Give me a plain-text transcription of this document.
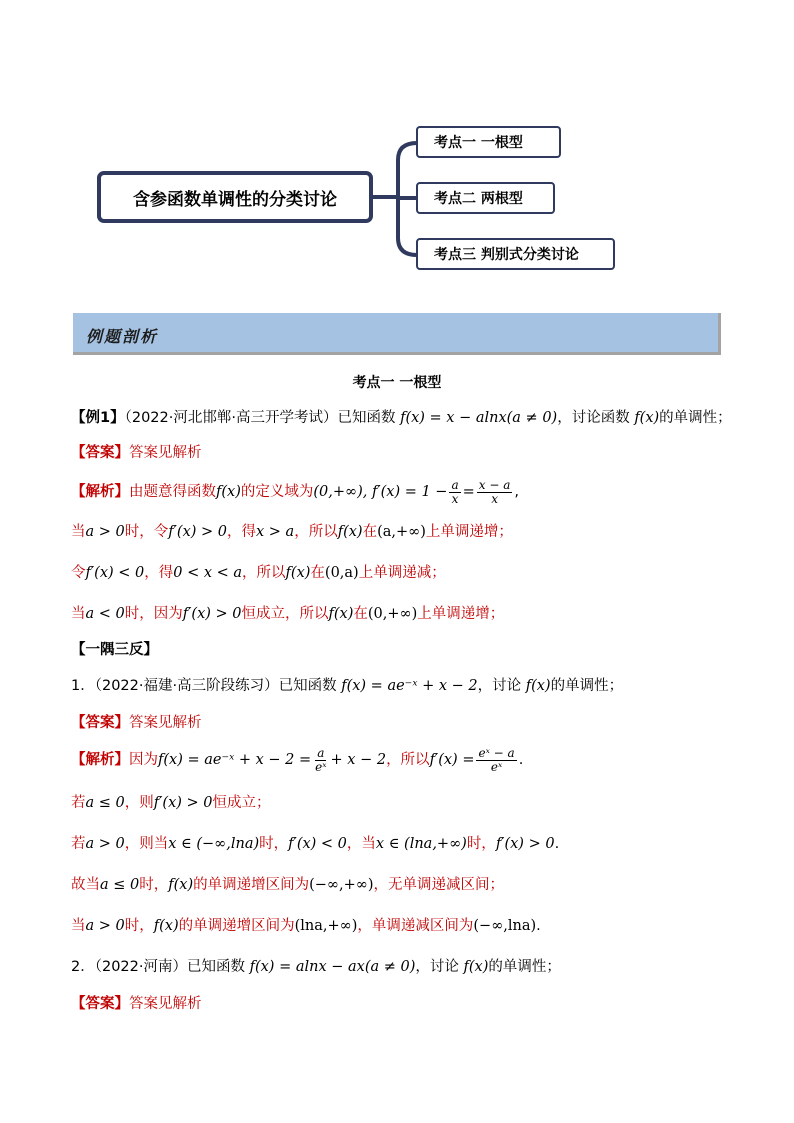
含参函数单调性的分类讨论
考点一 一根型
考点二 两根型
考点三 判别式分类讨论
例题剖析
考点一 一根型
【例1】（2022·河北邯郸·高三开学考试）已知函数 f(x) = x − alnx(a ≠ 0)，讨论函数 f(x)的单调性；
【答案】答案见解析
【解析】 由题意得函数 f(x) 的定义域为 (0,+∞), $f'(x) = 1 - \frac{a}{x} = \frac{x - a}{x}$ ,
当a > 0时，令f′(x) > 0，得x > a，所以f(x)在(a,+∞)上单调递增；
令f′(x) < 0，得0 < x < a，所以f(x)在(0,a)上单调递减；
当a < 0时，因为f′(x) > 0恒成立，所以f(x)在(0,+∞)上单调递增；
【一隅三反】
1．（2022·福建·高三阶段练习）已知函数 f(x) = ae⁻ˣ + x − 2，讨论 f(x)的单调性；
【答案】答案见解析
【解析】 因为 f(x) = ae⁻ˣ + $x - 2 = \frac{a}{\text{eˣ}} + x - 2$ ，所以 $f'(x) = \frac{\text{eˣ − a}}{\text{eˣ}}$ .
若a ≤ 0，则f′(x) > 0恒成立；
若a > 0，则当x ∈ (−∞,lna)时，f′(x) < 0，当x ∈ (lna,+∞)时，f′(x) > 0.
故当a ≤ 0时，f(x)的单调递增区间为(−∞,+∞)，无单调递减区间；
当a > 0时，f(x)的单调递增区间为(lna,+∞)，单调递减区间为(−∞,lna).
2．（2022·河南）已知函数 f(x) = alnx − ax(a ≠ 0)，讨论 f(x)的单调性；
【答案】答案见解析
